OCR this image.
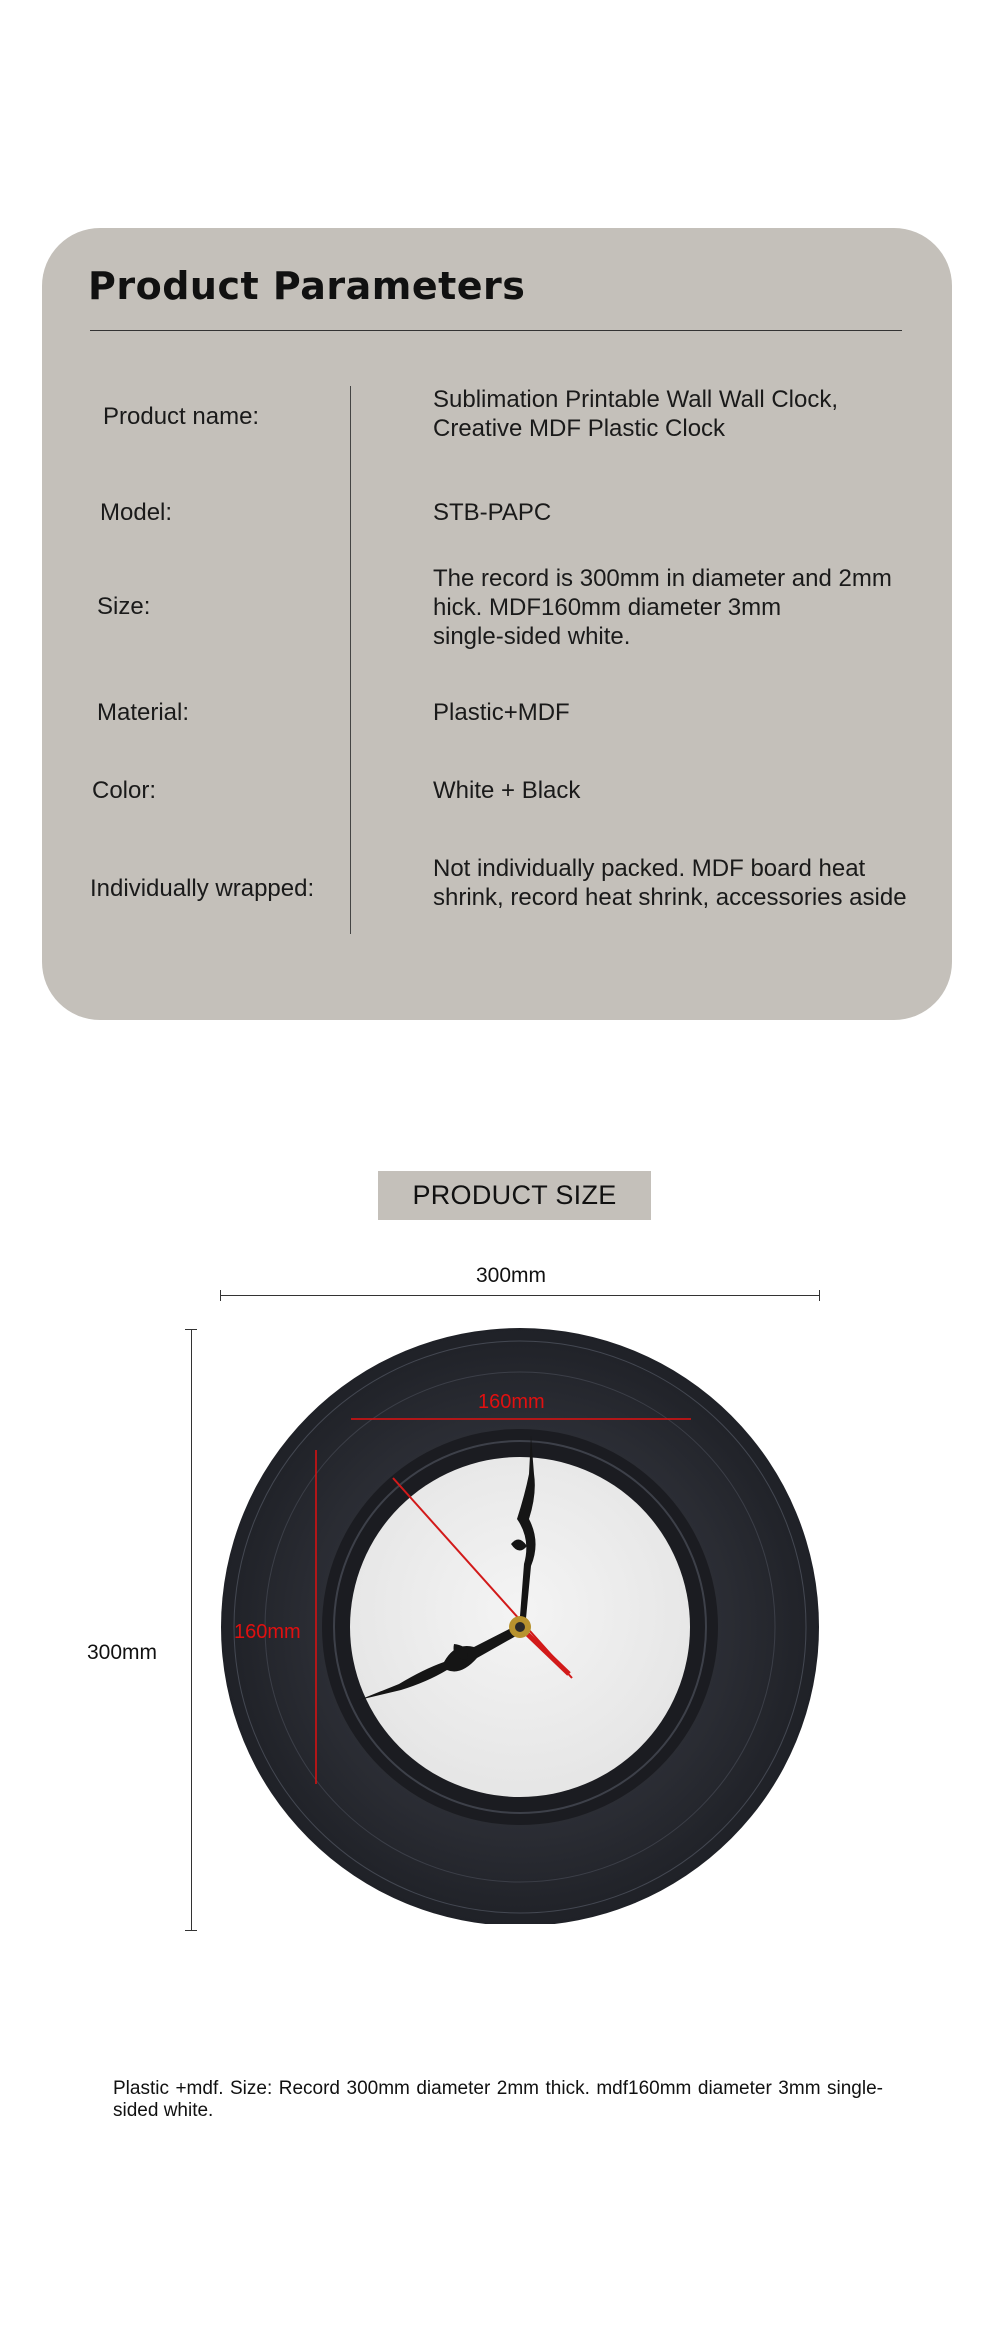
Product Parameters

Product name:

Sublimation Printable Wall Wall Clock,
Creative MDF Plastic Clock

Model:	STB-PAPC

Size:

The record is 300mm in diameter and 2mm
hick. MDF160mm diameter 3mm
single-sided white.

Material:	Plastic+MDF

Color:	White + Black

Individually wrapped:

Not individually packed. MDF board heat
shrink, record heat shrink, accessories aside
PRODUCT SIZE
300mm
300mm
160mm
160mm

Plastic +mdf. Size: Record 300mm diameter 2mm thick. mdf160mm diameter 3mm single-sided white.
